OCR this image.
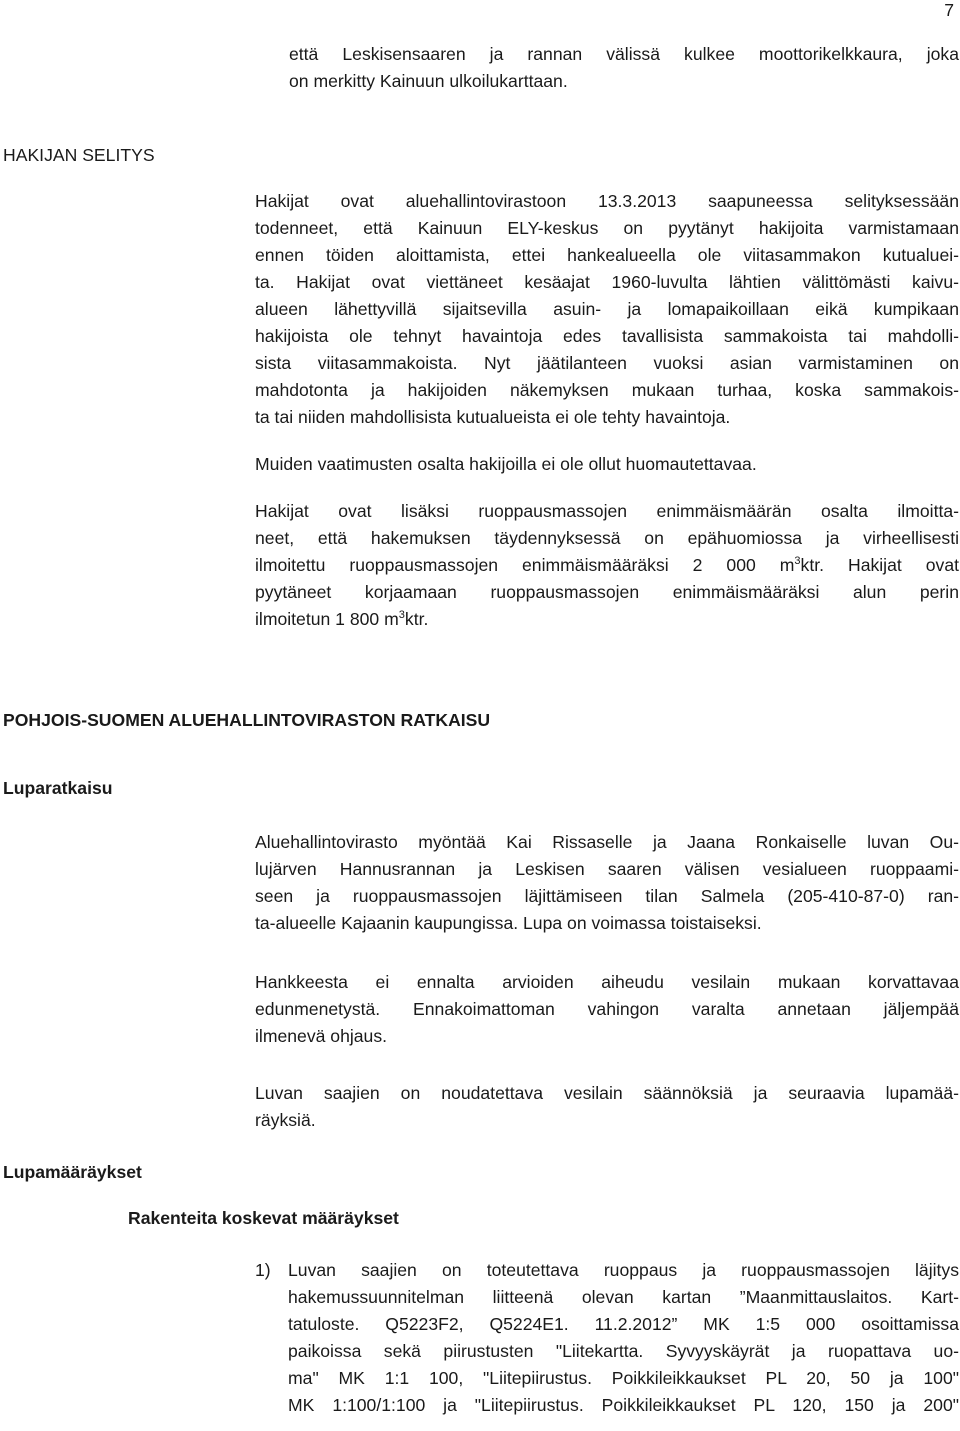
7
että Leskisensaaren ja rannan välissä kulkee moottorikelkkaura, joka
on merkitty Kainuun ulkoilukarttaan.
HAKIJAN SELITYS
Hakijat ovat aluehallintovirastoon 13.3.2013 saapuneessa selityksessään
todenneet, että Kainuun ELY-keskus on pyytänyt hakijoita varmistamaan
ennen töiden aloittamista, ettei hankealueella ole viitasammakon kutualuei-
ta. Hakijat ovat viettäneet kesäajat 1960-luvulta lähtien välittömästi kaivu-
alueen lähettyvillä sijaitsevilla asuin- ja lomapaikoillaan eikä kumpikaan
hakijoista ole tehnyt havaintoja edes tavallisista sammakoista tai mahdolli-
sista viitasammakoista. Nyt jäätilanteen vuoksi asian varmistaminen on
mahdotonta ja hakijoiden näkemyksen mukaan turhaa, koska sammakois-
ta tai niiden mahdollisista kutualueista ei ole tehty havaintoja.
Muiden vaatimusten osalta hakijoilla ei ole ollut huomautettavaa.
Hakijat ovat lisäksi ruoppausmassojen enimmäismäärän osalta ilmoitta-
neet, että hakemuksen täydennyksessä on epähuomiossa ja virheellisesti
ilmoitettu ruoppausmassojen enimmäismääräksi 2 000 $m^3ktr$. Hakijat ovat
pyytäneet korjaamaan ruoppausmassojen enimmäismääräksi alun perin
ilmoitetun 1 800 $m^3ktr$.
POHJOIS-SUOMEN ALUEHALLINTOVIRASTON RATKAISU
Luparatkaisu
Aluehallintovirasto myöntää Kai Rissaselle ja Jaana Ronkaiselle luvan Ou-
lujärven Hannusrannan ja Leskisen saaren välisen vesialueen ruoppaami-
seen ja ruoppausmassojen läjittämiseen tilan Salmela (205-410-87-0) ran-
ta-alueelle Kajaanin kaupungissa. Lupa on voimassa toistaiseksi.
Hankkeesta ei ennalta arvioiden aiheudu vesilain mukaan korvattavaa
edunmenetystä. Ennakoimattoman vahingon varalta annetaan jäljempää
ilmenevä ohjaus.
Luvan saajien on noudatettava vesilain säännöksiä ja seuraavia lupamää-
räyksiä.
Lupamääräykset
Rakenteita koskevat määräykset
1) Luvan saajien on toteutettava ruoppaus ja ruoppausmassojen läjitys
hakemussuunnitelman liitteenä olevan kartan ”Maanmittauslaitos. Kart-
tatuloste. Q5223F2, Q5224E1. 11.2.2012” MK 1:5 000 osoittamissa
paikoissa sekä piirustusten "Liitekartta. Syvyyskäyrät ja ruopattava uo-
ma" MK 1:1 100, "Liitepiirustus. Poikkileikkaukset PL 20, 50 ja 100"
MK 1:100/1:100 ja "Liitepiirustus. Poikkileikkaukset PL 120, 150 ja 200"
